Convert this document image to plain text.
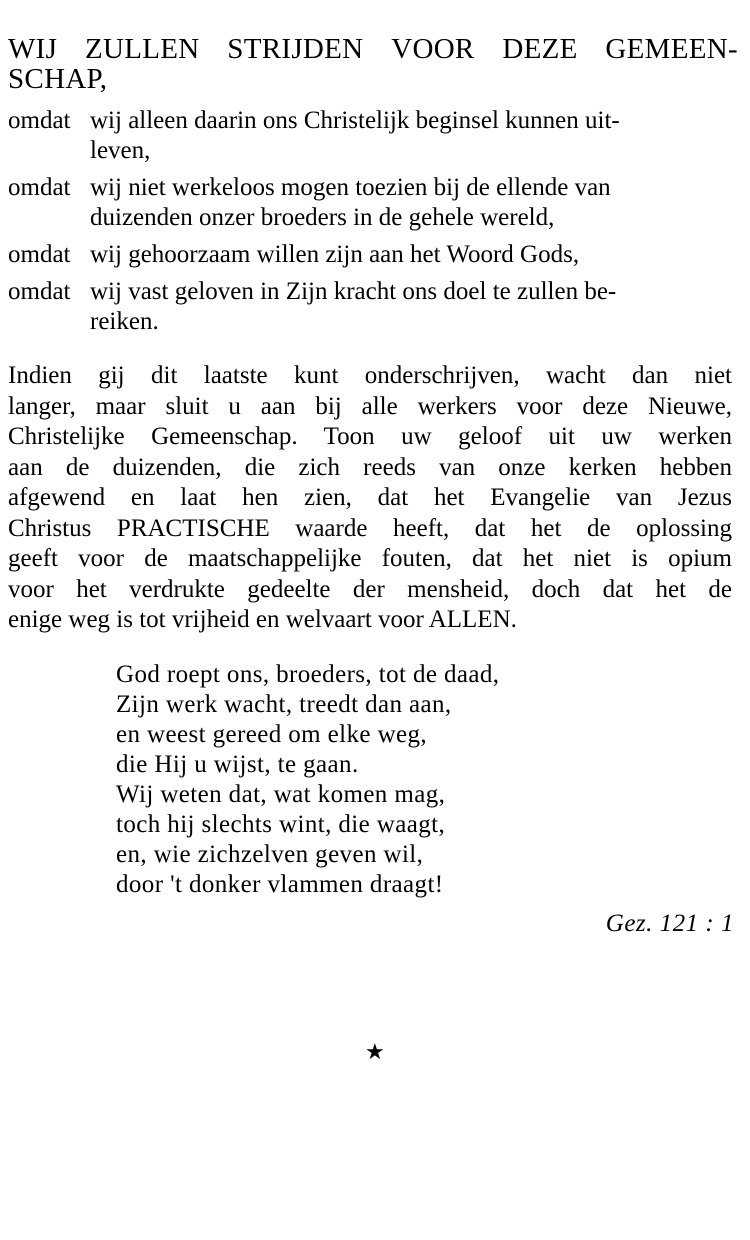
WIJ ZULLEN STRIJDEN VOOR DEZE GEMEEN-
SCHAP,
omdat wij alleen daarin ons Christelijk beginsel kunnen uit-
leven,
omdat wij niet werkeloos mogen toezien bij de ellende van
duizenden onzer broeders in de gehele wereld,
omdat wij gehoorzaam willen zijn aan het Woord Gods,
omdat wij vast geloven in Zijn kracht ons doel te zullen be-
reiken.

Indien gij dit laatste kunt onderschrijven, wacht dan niet
langer, maar sluit u aan bij alle werkers voor deze Nieuwe,
Christelijke Gemeenschap. Toon uw geloof uit uw werken
aan de duizenden, die zich reeds van onze kerken hebben
afgewend en laat hen zien, dat het Evangelie van Jezus
Christus PRACTISCHE waarde heeft, dat het de oplossing
geeft voor de maatschappelijke fouten, dat het niet is opium
voor het verdrukte gedeelte der mensheid, doch dat het de
enige weg is tot vrijheid en welvaart voor ALLEN.

God roept ons, broeders, tot de daad,
Zijn werk wacht, treedt dan aan,
en weest gereed om elke weg,
die Hij u wijst, te gaan.
Wij weten dat, wat komen mag,
toch hij slechts wint, die waagt,
en, wie zichzelven geven wil,
door 't donker vlammen draagt!
Gez. 121 : 1
★
